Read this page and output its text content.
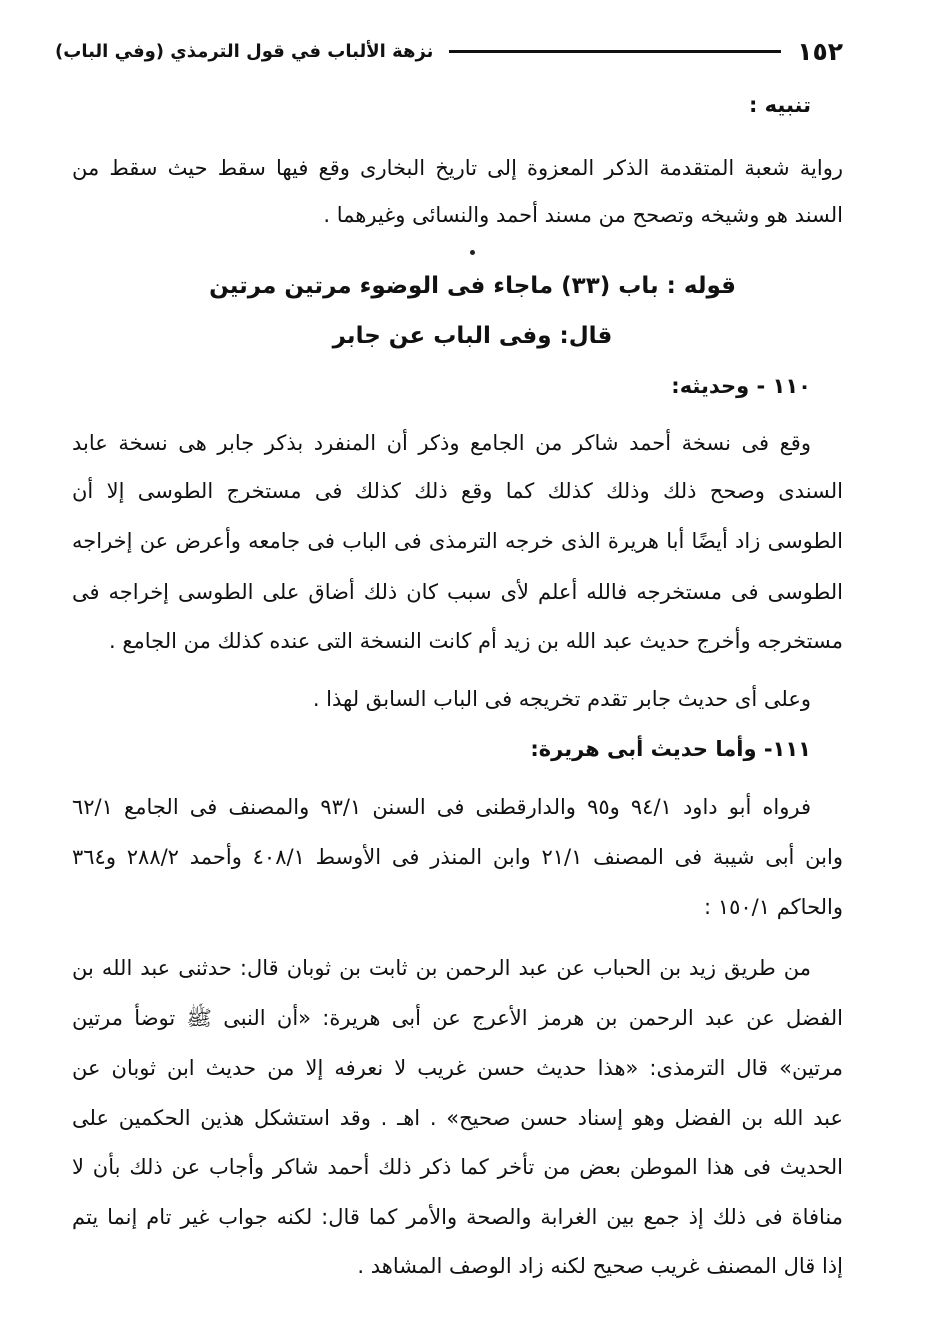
١٥٢
نزهة الألباب في قول الترمذي (وفي الباب)
تنبيه :
رواية شعبة المتقدمة الذكر المعزوة إلى تاريخ البخارى وقع فيها سقط حيث سقط من
السند هو وشيخه وتصحح من مسند أحمد والنسائى وغيرهما .
قوله : باب (٣٣) ماجاء فى الوضوء مرتين مرتين
قال: وفى الباب عن جابر
١١٠ - وحديثه:
وقع فى نسخة أحمد شاكر من الجامع وذكر أن المنفرد بذكر جابر هى نسخة عابد
السندى وصحح ذلك وذلك كذلك كما وقع ذلك كذلك فى مستخرج الطوسى إلا أن
الطوسى زاد أيضًا أبا هريرة الذى خرجه الترمذى فى الباب فى جامعه وأعرض عن إخراجه
الطوسى فى مستخرجه فالله أعلم لأى سبب كان ذلك أضاق على الطوسى إخراجه فى
مستخرجه وأخرج حديث عبد الله بن زيد أم كانت النسخة التى عنده كذلك من الجامع .
وعلى أى حديث جابر تقدم تخريجه فى الباب السابق لهذا .
١١١- وأما حديث أبى هريرة:
فرواه أبو داود ٩٤/١ و٩٥ والدارقطنى فى السنن ٩٣/١ والمصنف فى الجامع ٦٢/١
وابن أبى شيبة فى المصنف ٢١/١ وابن المنذر فى الأوسط ٤٠٨/١ وأحمد ٢٨٨/٢ و٣٦٤
والحاكم ١٥٠/١ :
من طريق زيد بن الحباب عن عبد الرحمن بن ثابت بن ثوبان قال: حدثنى عبد الله بن
الفضل عن عبد الرحمن بن هرمز الأعرج عن أبى هريرة: «أن النبى ﷺ توضأ مرتين
مرتين» قال الترمذى: «هذا حديث حسن غريب لا نعرفه إلا من حديث ابن ثوبان عن
عبد الله بن الفضل وهو إسناد حسن صحيح» . اهـ . وقد استشكل هذين الحكمين على
الحديث فى هذا الموطن بعض من تأخر كما ذكر ذلك أحمد شاكر وأجاب عن ذلك بأن لا
منافاة فى ذلك إذ جمع بين الغرابة والصحة والأمر كما قال: لكنه جواب غير تام إنما يتم
إذا قال المصنف غريب صحيح لكنه زاد الوصف المشاهد .
